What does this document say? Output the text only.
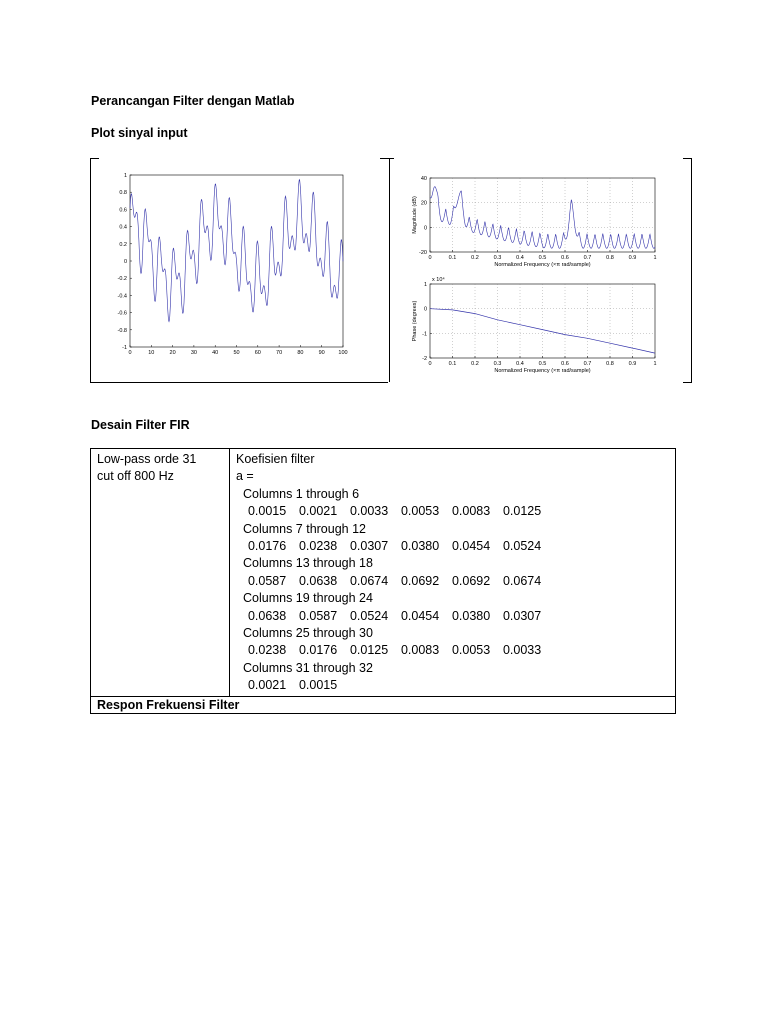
Perancangan Filter dengan Matlab
Plot sinyal input
0	10	20	30	40	50	60	70	80	90 100
1
0.8
0.6
0.4
0.2
0
-0.2
-0.4
-0.6
-0.8
-1
0	0.1	0.2	0.3	0.4	0.5	0.6	0.7	0.8	0.9	1
40
20
0
-20
Normalized Frequency (×π rad/sample)
Magnitude (dB)
0	0.1	0.2	0.3	0.4	0.5	0.6	0.7	0.8	0.9	1
1
0
-1
-2
Normalized Frequency (×π rad/sample)
Phase (degrees)
x 10⁴
Desain Filter FIR
Low-pass orde 31
cut off 800 Hz

Koefisien filter
a =
Columns 1 through 6
0.0015 0.0021 0.0033 0.0053 0.0083 0.0125
Columns 7 through 12
0.0176 0.0238 0.0307 0.0380 0.0454 0.0524
Columns 13 through 18
0.0587 0.0638 0.0674 0.0692 0.0692 0.0674
Columns 19 through 24
0.0638 0.0587 0.0524 0.0454 0.0380 0.0307
Columns 25 through 30
0.0238 0.0176 0.0125 0.0083 0.0053 0.0033
Columns 31 through 32
0.0021 0.0015

Respon Frekuensi Filter
